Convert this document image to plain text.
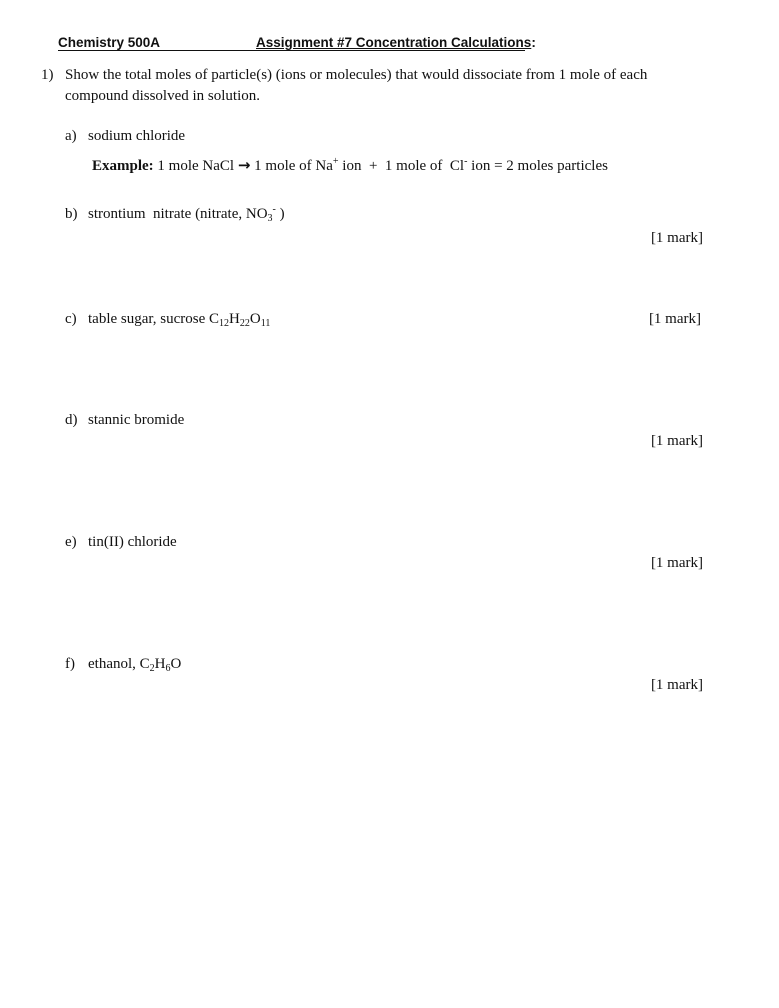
Chemistry 500A	Assignment #7 Concentration Calculations:
1) Show the total moles of particle(s) (ions or molecules) that would dissociate from 1 mole of each
compound dissolved in solution.
a) sodium chloride
Example: 1 mole NaCl → 1 mole of Na+ ion  +  1 mole of  Cl- ion = 2 moles particles
b) strontium  nitrate (nitrate, $NO_3^-$ )
[1 mark]
c) table sugar, sucrose $C_{12}H_{22}O_{11}$	[1 mark]
d) stannic bromide
[1 mark]
e) tin(II) chloride
[1 mark]
f) ethanol, $C_2H_6O$
[1 mark]
